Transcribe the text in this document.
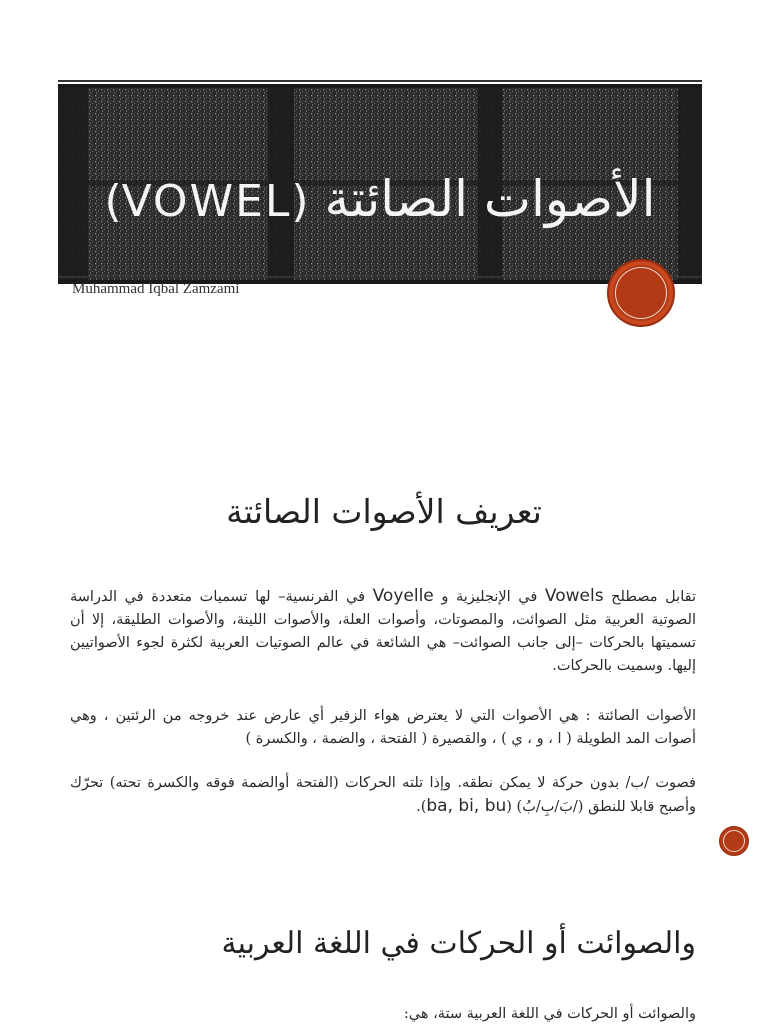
الأصوات الصائتة (VOWEL)
Muhammad Iqbal Zamzami
تعريف الأصوات الصائتة

تقابل مصطلح Vowels في الإنجليزية و Voyelle في الفرنسية– لها تسميات متعددة في الدراسة الصوتية العربية مثل الصوائت، والمصوتات، وأصوات العلة، والأصوات اللينة، والأصوات الطليقة، إلا أن تسميتها بالحركات –إلى جانب الصوائت– هي الشائعة في عالم الصوتيات العربية لكثرة لجوء الأصواتيين إليها. وسميت بالحركات.

الأصوات الصائتة : هي الأصوات التي لا يعترض هواء الزفير أي عارض عند خروجه من الرئتين ، وهي أصوات المد الطويلة ( ا ، و ، ي ) ، والقصيرة ( الفتحة ، والضمة ، والكسرة )

فصوت /ب/ بدون حركة لا يمكن نطقه. وإذا تلته الحركات (الفتحة أوالضمة فوقه والكسرة تحته) تحرّك وأصبح قابلا للنطق (/بَ/بِ/بُ) (ba, bi, bu).

والصوائت أو الحركات في اللغة العربية
والصوائت أو الحركات في اللغة العربية ستة، هي:
